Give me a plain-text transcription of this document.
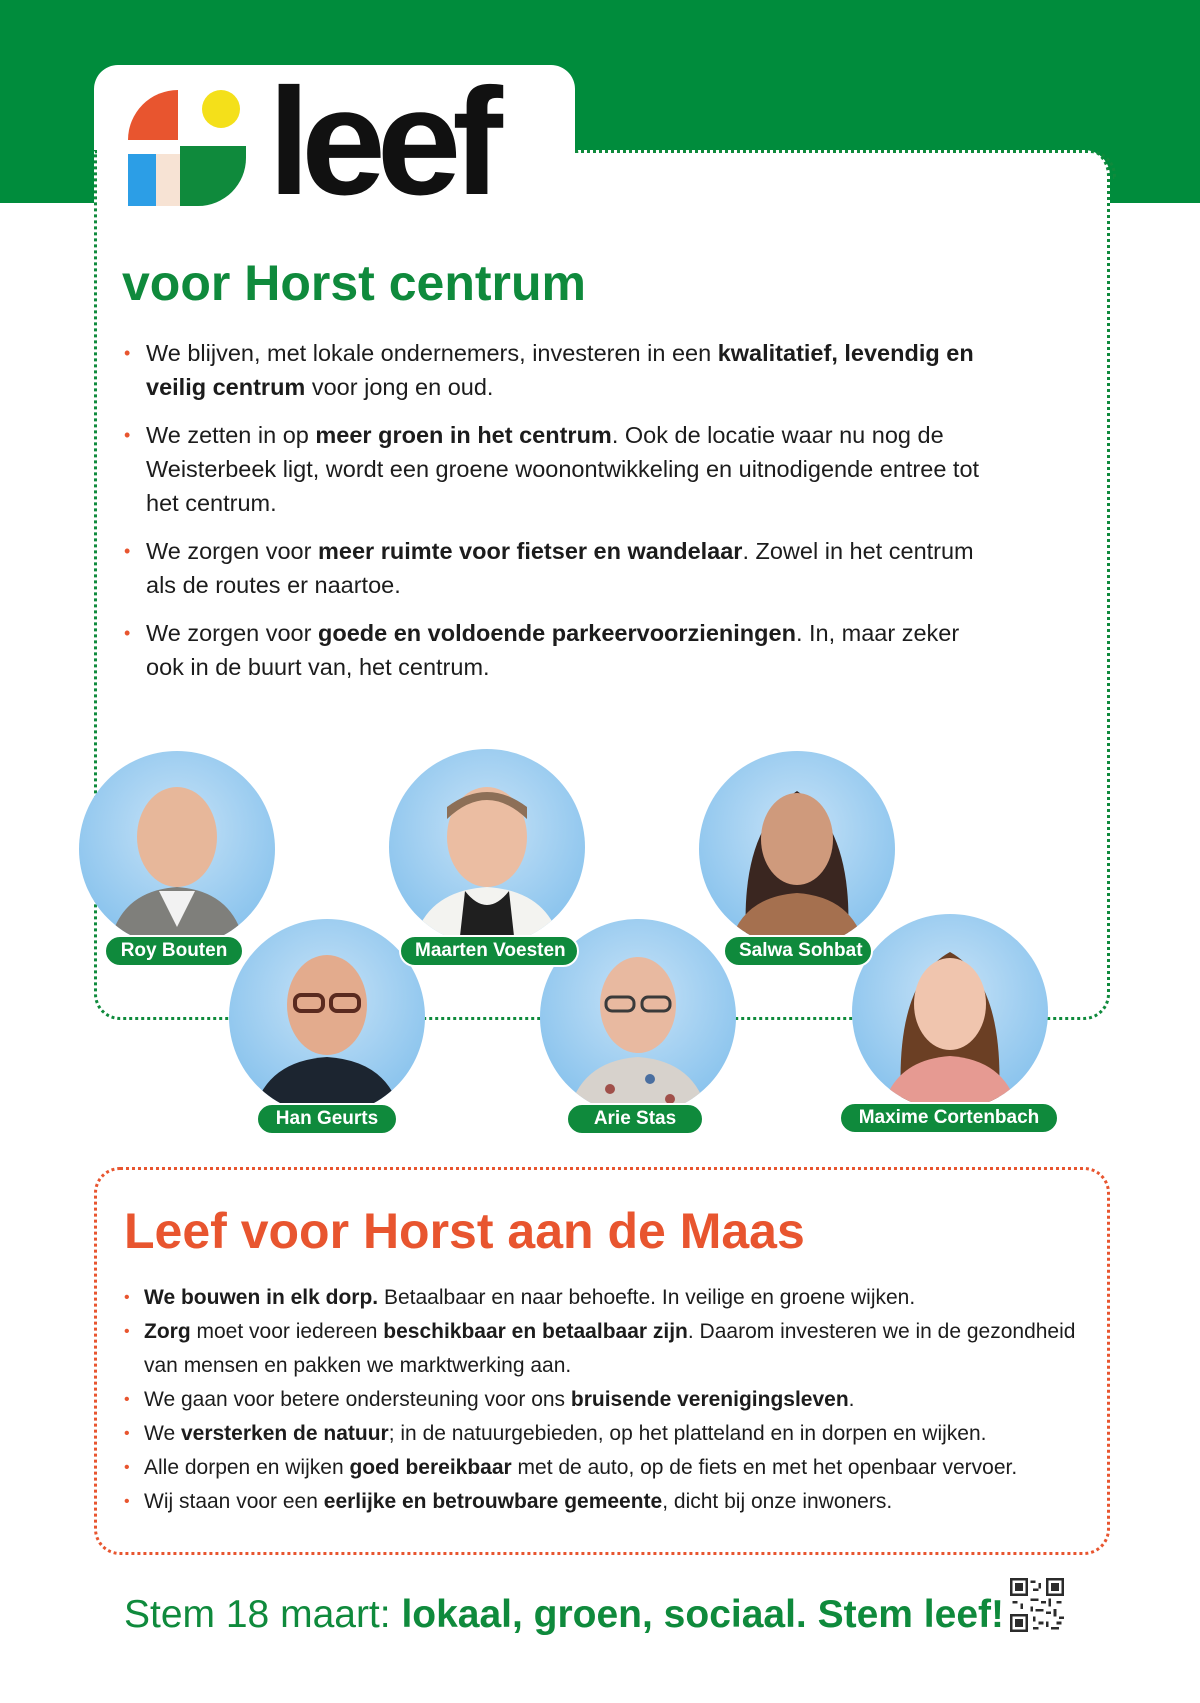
leef
voor Horst centrum
• We blijven, met lokale ondernemers, investeren in een kwalitatief, levendig en veilig centrum voor jong en oud.
• We zetten in op meer groen in het centrum. Ook de locatie waar nu nog de Weisterbeek ligt, wordt een groene woonontwikkeling en uitnodigende entree tot het centrum.
• We zorgen voor meer ruimte voor fietser en wandelaar. Zowel in het centrum als de routes er naartoe.
• We zorgen voor goede en voldoende parkeervoorzieningen. In, maar zeker ook in de buurt van, het centrum.
Roy Bouten	Maarten Voesten	Salwa Sohbat
Han Geurts	Arie Stas	Maxime Cortenbach
Leef voor Horst aan de Maas
• We bouwen in elk dorp. Betaalbaar en naar behoefte. In veilige en groene wijken.
• Zorg moet voor iedereen beschikbaar en betaalbaar zijn. Daarom investeren we in de gezondheid van mensen en pakken we marktwerking aan.
• We gaan voor betere ondersteuning voor ons bruisende verenigingsleven.
• We versterken de natuur; in de natuurgebieden, op het platteland en in dorpen en wijken.
• Alle dorpen en wijken goed bereikbaar met de auto, op de fiets en met het openbaar vervoer.
• Wij staan voor een eerlijke en betrouwbare gemeente, dicht bij onze inwoners.
Stem 18 maart: lokaal, groen, sociaal. Stem leef!
